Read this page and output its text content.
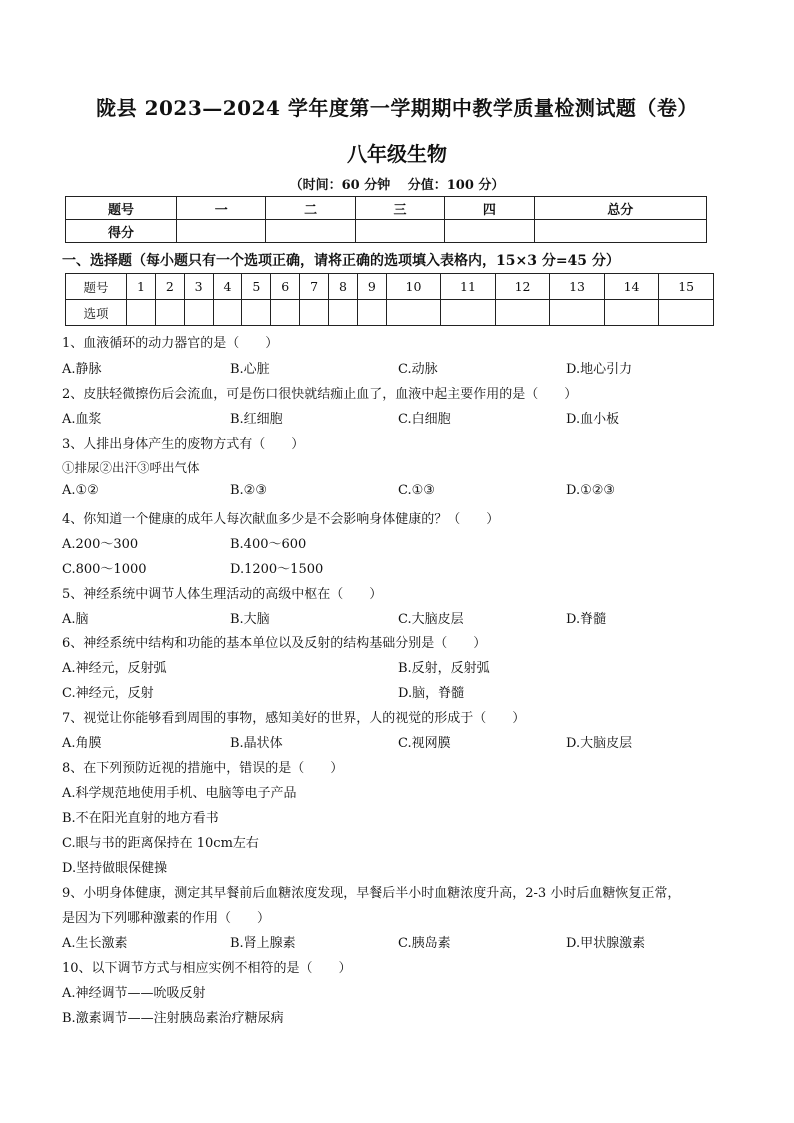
陇县 2023—2024 学年度第一学期期中教学质量检测试题（卷）
八年级生物
（时间：60 分钟　 分值：100 分）
题号	一	二	三	四	总分
得分					
一、选择题（每小题只有一个选项正确，请将正确的选项填入表格内，15×3 分=45 分）
题号	1	2	3	4	5	6	7	8	9	10	11	12	13	14	15
选项															
1、血液循环的动力器官的是（　　）
A.静脉	B.心脏	C.动脉	D.地心引力
2、皮肤轻微擦伤后会流血，可是伤口很快就结痂止血了，血液中起主要作用的是（　　）
A.血浆	B.红细胞	C.白细胞	D.血小板
3、人排出身体产生的废物方式有（　　）
①排尿②出汗③呼出气体
A.①②	B.②③	C.①③	D.①②③
4、你知道一个健康的成年人每次献血多少是不会影响身体健康的？（　　）
A.200～300	B.400～600
C.800～1000	D.1200～1500
5、神经系统中调节人体生理活动的高级中枢在（　　）
A.脑	B.大脑	C.大脑皮层	D.脊髓
6、神经系统中结构和功能的基本单位以及反射的结构基础分别是（　　）
A.神经元，反射弧	B.反射，反射弧
C.神经元，反射	D.脑，脊髓
7、视觉让你能够看到周围的事物，感知美好的世界，人的视觉的形成于（　　）
A.角膜	B.晶状体	C.视网膜	D.大脑皮层
8、在下列预防近视的措施中，错误的是（　　）
A.科学规范地使用手机、电脑等电子产品
B.不在阳光直射的地方看书
C.眼与书的距离保持在 10cm左右
D.坚持做眼保健操
9、小明身体健康，测定其早餐前后血糖浓度发现，早餐后半小时血糖浓度升高，2-3 小时后血糖恢复正常，
是因为下列哪种激素的作用（　　）
A.生长激素	B.肾上腺素	C.胰岛素	D.甲状腺激素
10、以下调节方式与相应实例不相符的是（　　）
A.神经调节——吮吸反射
B.激素调节——注射胰岛素治疗糖尿病
